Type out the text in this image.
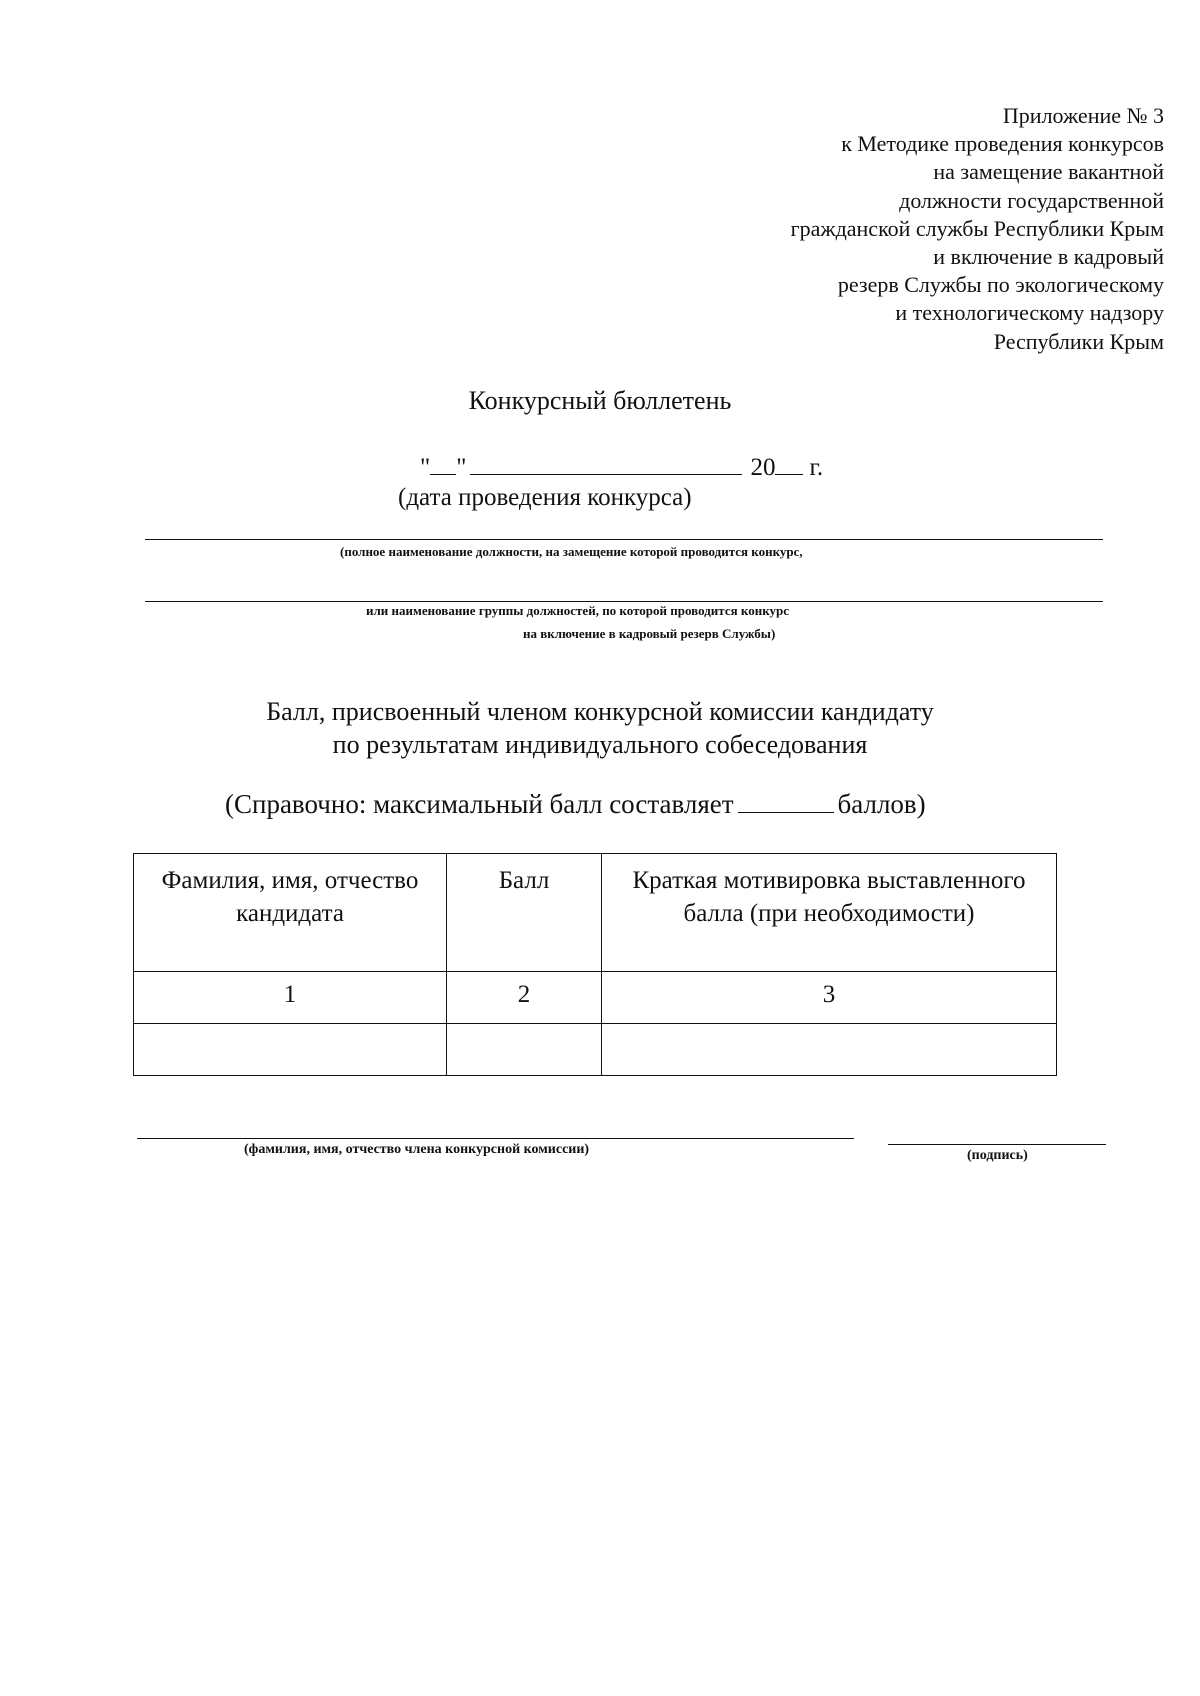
Приложение № 3
к Методике проведения конкурсов
на замещение вакантной
должности государственной
гражданской службы Республики Крым
и включение в кадровый
резерв Службы по экологическому
и технологическому надзору
Республики Крым
Конкурсный бюллетень
" "	20 г.
(дата проведения конкурса)
(полное наименование должности, на замещение которой проводится конкурс,
или наименование группы должностей, по которой проводится конкурс
на включение в кадровый резерв Службы)
Балл, присвоенный членом конкурсной комиссии кандидату
по результатам индивидуального собеседования
(Справочно: максимальный балл составляет	баллов)
Фамилия, имя, отчество кандидата	Балл	Краткая мотивировка выставленного балла (при необходимости)
1	2	3

(фамилия, имя, отчество члена конкурсной комиссии)	(подпись)
